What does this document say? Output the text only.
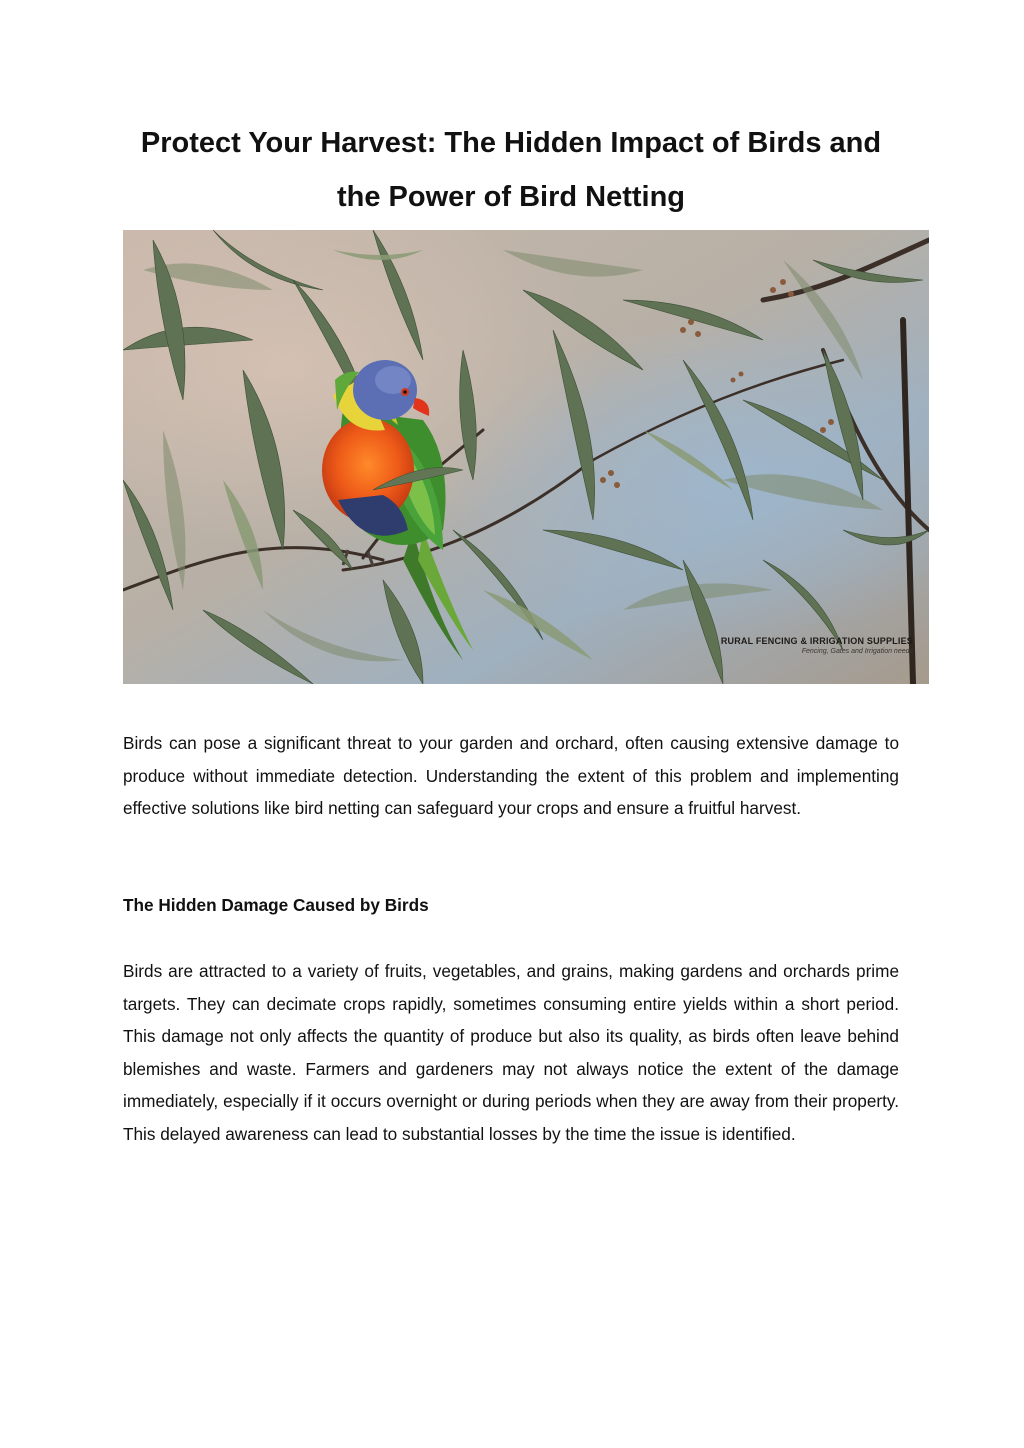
Protect Your Harvest: The Hidden Impact of Birds and the Power of Bird Netting
RURAL FENCING & IRRIGATION SUPPLIES
Fencing, Gates and Irrigation needs

Birds can pose a significant threat to your garden and orchard, often causing extensive damage to produce without immediate detection. Understanding the extent of this problem and implementing effective solutions like bird netting can safeguard your crops and ensure a fruitful harvest.

The Hidden Damage Caused by Birds

Birds are attracted to a variety of fruits, vegetables, and grains, making gardens and orchards prime targets. They can decimate crops rapidly, sometimes consuming entire yields within a short period. This damage not only affects the quantity of produce but also its quality, as birds often leave behind blemishes and waste. Farmers and gardeners may not always notice the extent of the damage immediately, especially if it occurs overnight or during periods when they are away from their property. This delayed awareness can lead to substantial losses by the time the issue is identified.
